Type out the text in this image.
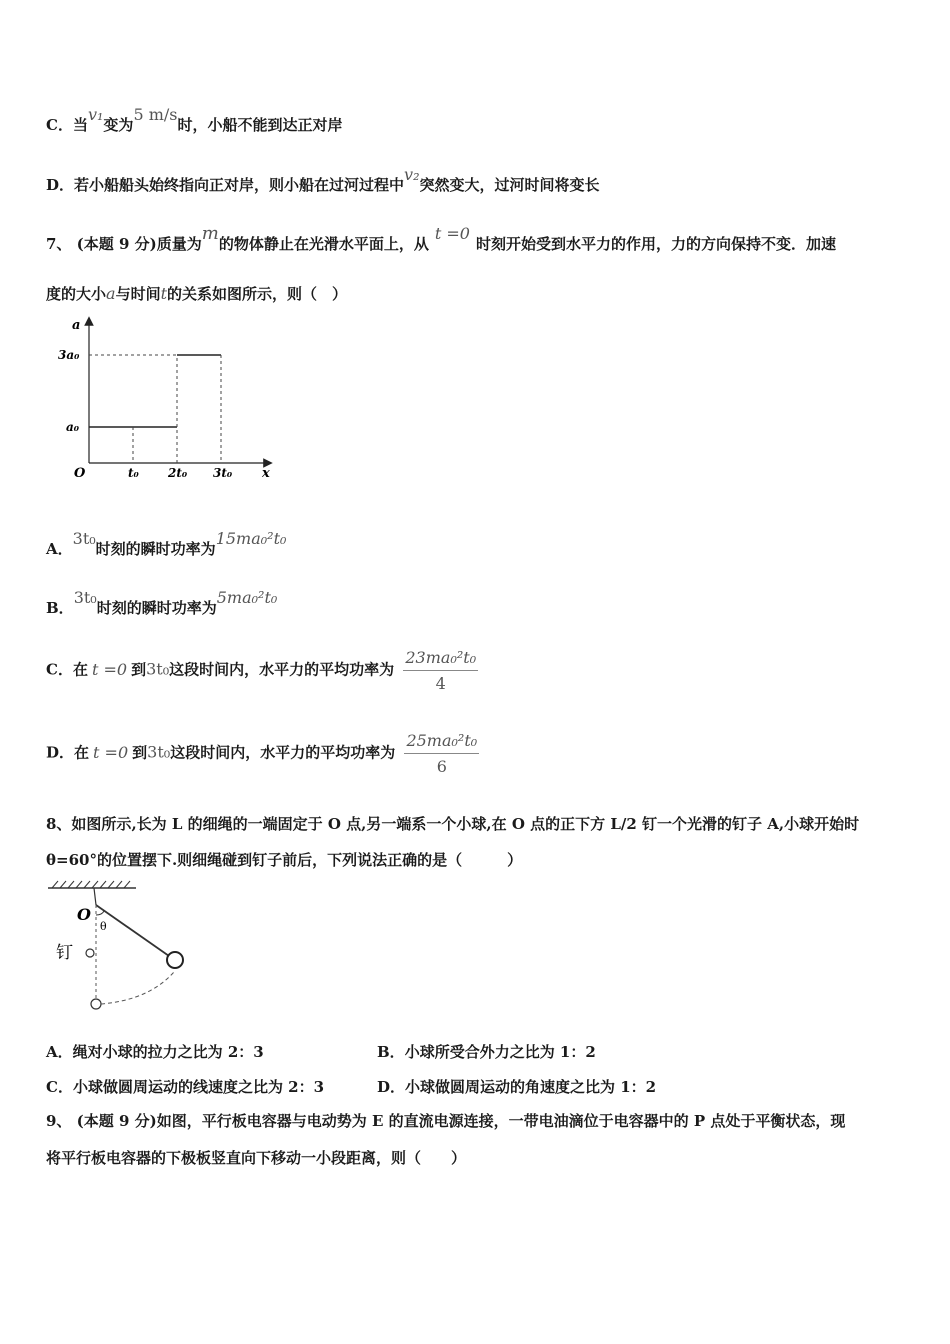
C．当v₁变为5 m/s时，小船不能到达正对岸
D．若小船船头始终指向正对岸，则小船在过河过程中v₂突然变大，过河时间将变长
7、 (本题 9 分)质量为m的物体静止在光滑水平面上，从t =0时刻开始受到水平力的作用，力的方向保持不变．加速
度的大小a与时间t的关系如图所示，则（　）
a
O	x
3a₀
a₀
t₀ 2t₀ 3t₀
A．3t₀时刻的瞬时功率为15ma₀²t₀
B．3t₀时刻的瞬时功率为5ma₀²t₀
C．在 t =0 到3t₀这段时间内，水平力的平均功率为 $\frac{\text{23ma₀²t₀}}{4}$
D．在 t =0 到3t₀这段时间内，水平力的平均功率为 $\frac{\text{25ma₀²t₀}}{6}$
8、如图所示,长为 L 的细绳的一端固定于 O 点,另一端系一个小球,在 O 点的正下方 L/2 钉一个光滑的钉子 A,小球开始时
θ=60°的位置摆下.则细绳碰到钉子前后，下列说法正确的是（　　　）
O
θ
钉
A．绳对小球的拉力之比为 2：3	B．小球所受合外力之比为 1：2
C．小球做圆周运动的线速度之比为 2：3	D．小球做圆周运动的角速度之比为 1：2
9、 (本题 9 分)如图，平行板电容器与电动势为 E 的直流电源连接，一带电油滴位于电容器中的 P 点处于平衡状态，现
将平行板电容器的下极板竖直向下移动一小段距离，则（　　）
